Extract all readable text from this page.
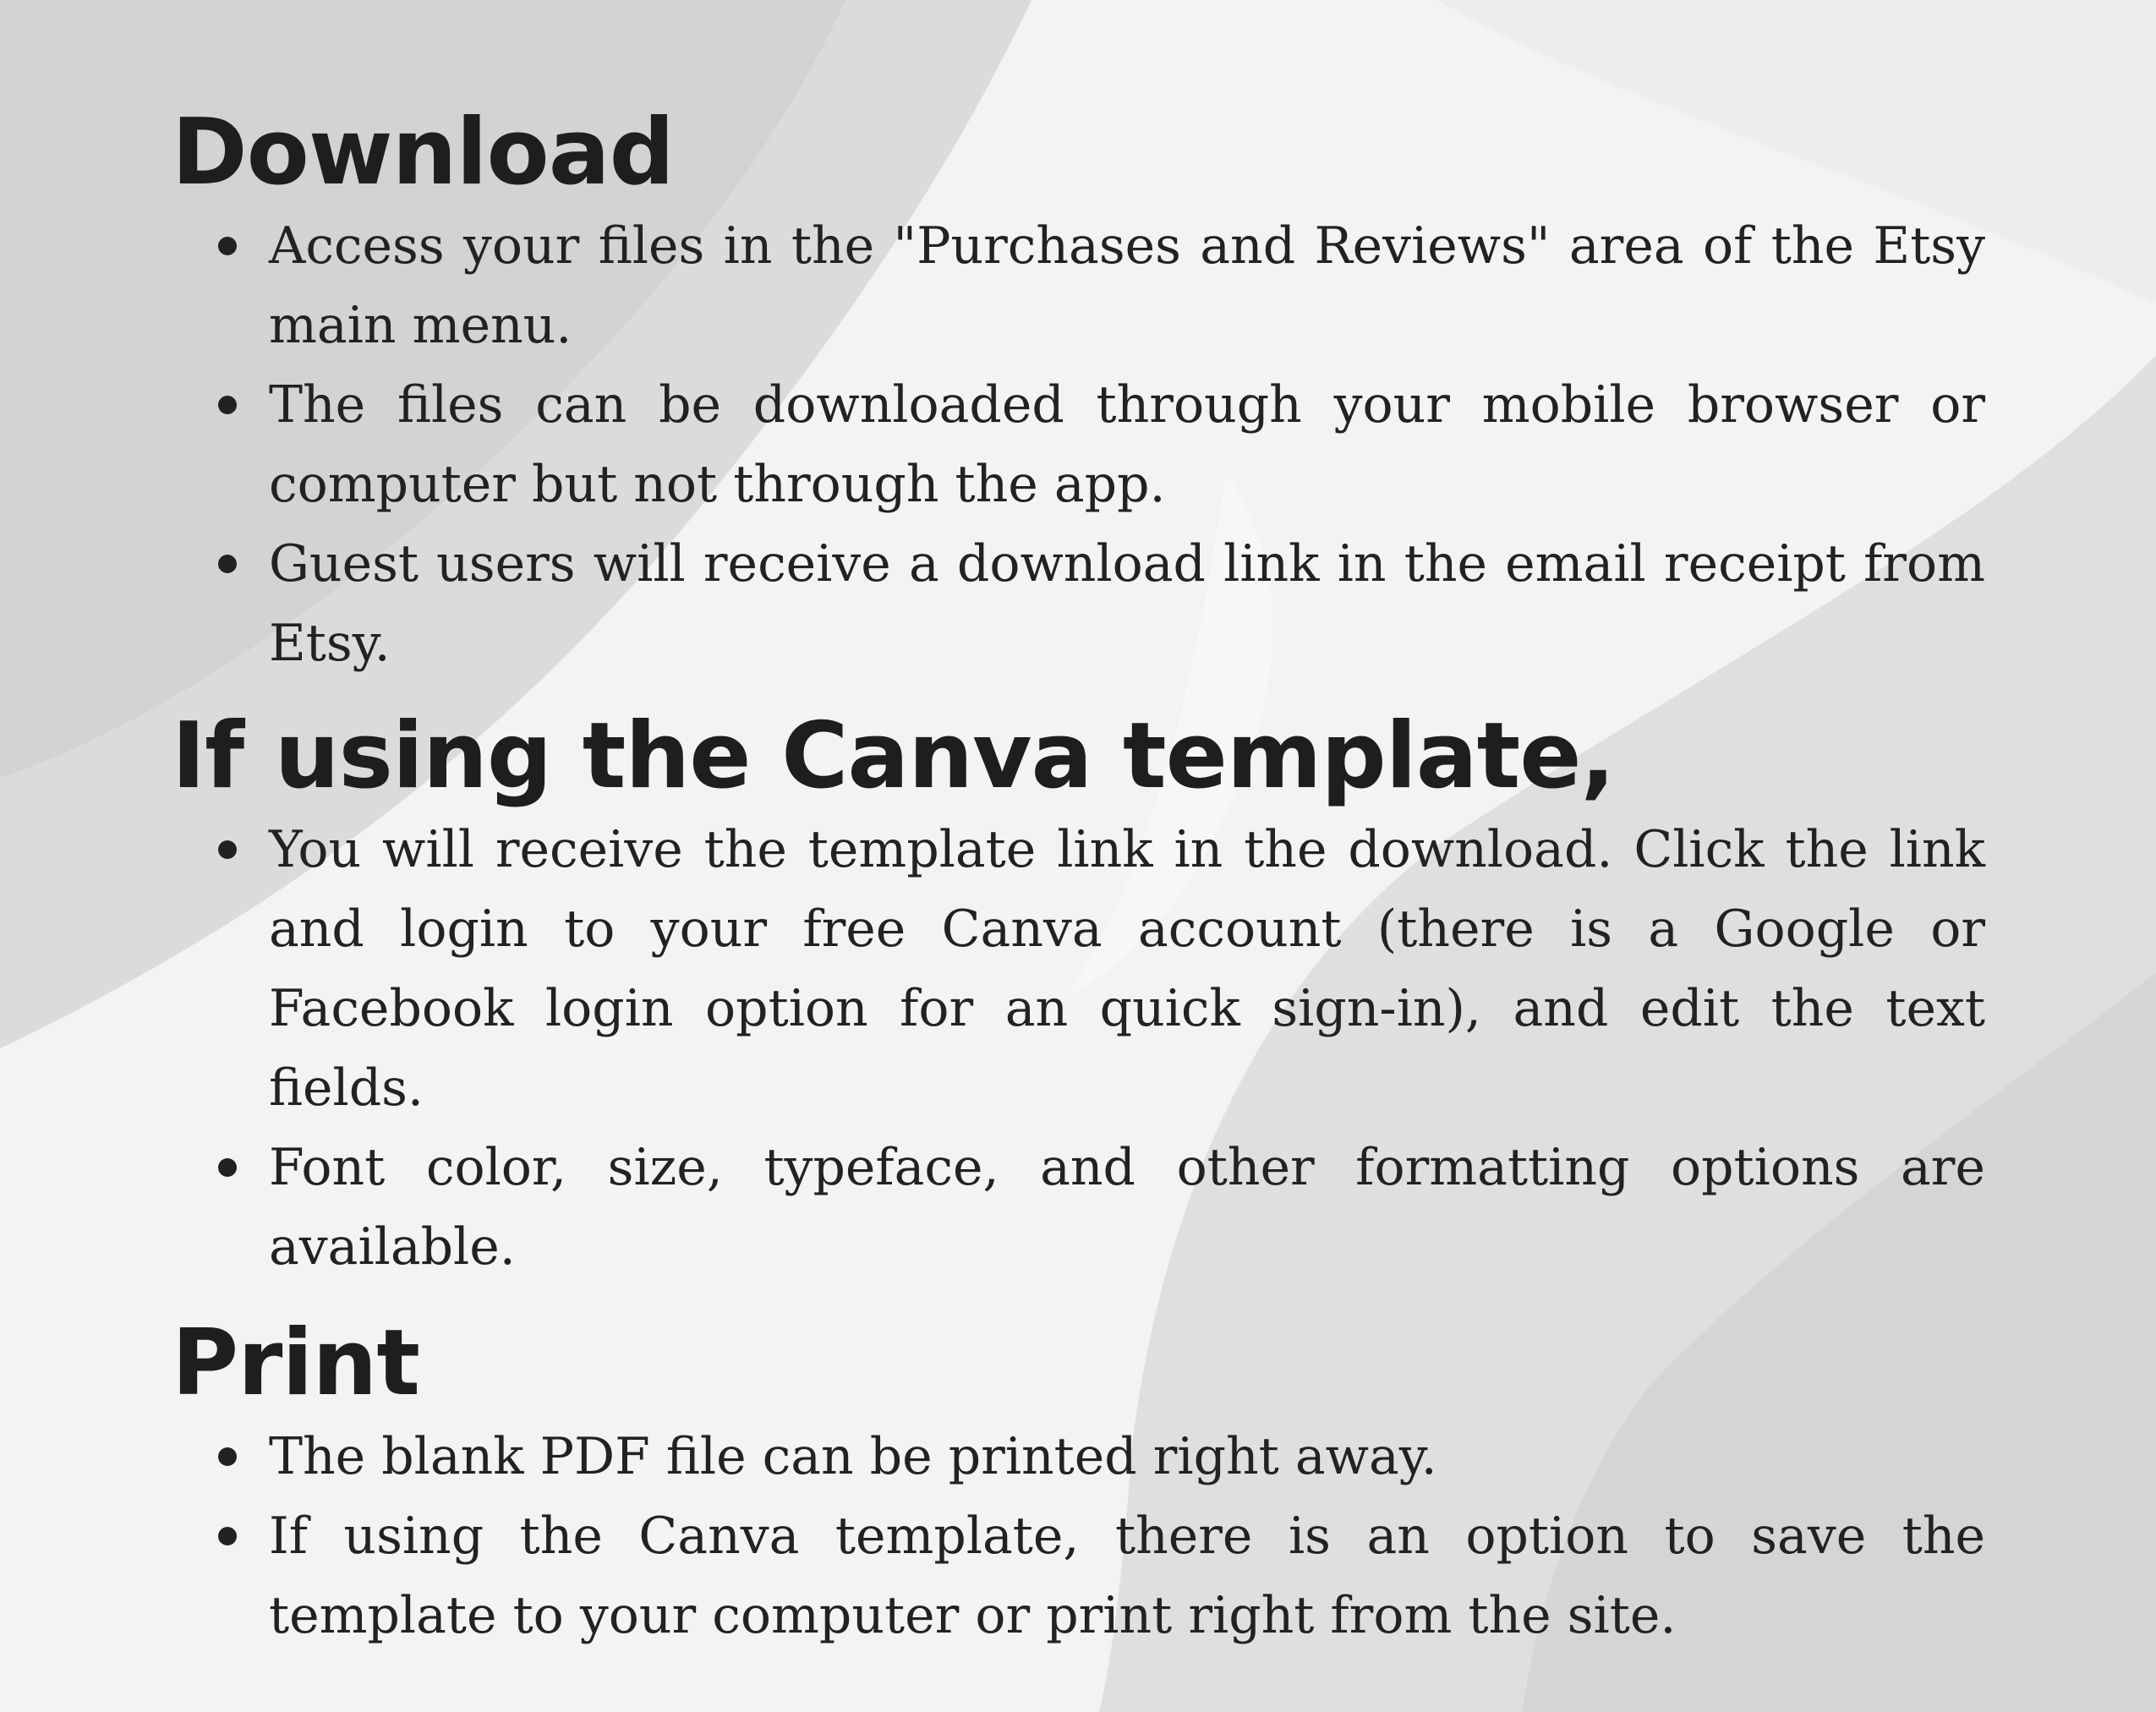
Download
Access your files in the "Purchases and Reviews" area of the Etsy main menu.
The files can be downloaded through your mobile browser or computer but not through the app.
Guest users will receive a download link in the email receipt from Etsy.
If using the Canva template,
You will receive the template link in the download. Click the link and login to your free Canva account (there is a Google or Facebook login option for an quick sign-in), and edit the text fields.
Font color, size, typeface, and other formatting options are available.
Print
The blank PDF file can be printed right away.
If using the Canva template, there is an option to save the template to your computer or print right from the site.
